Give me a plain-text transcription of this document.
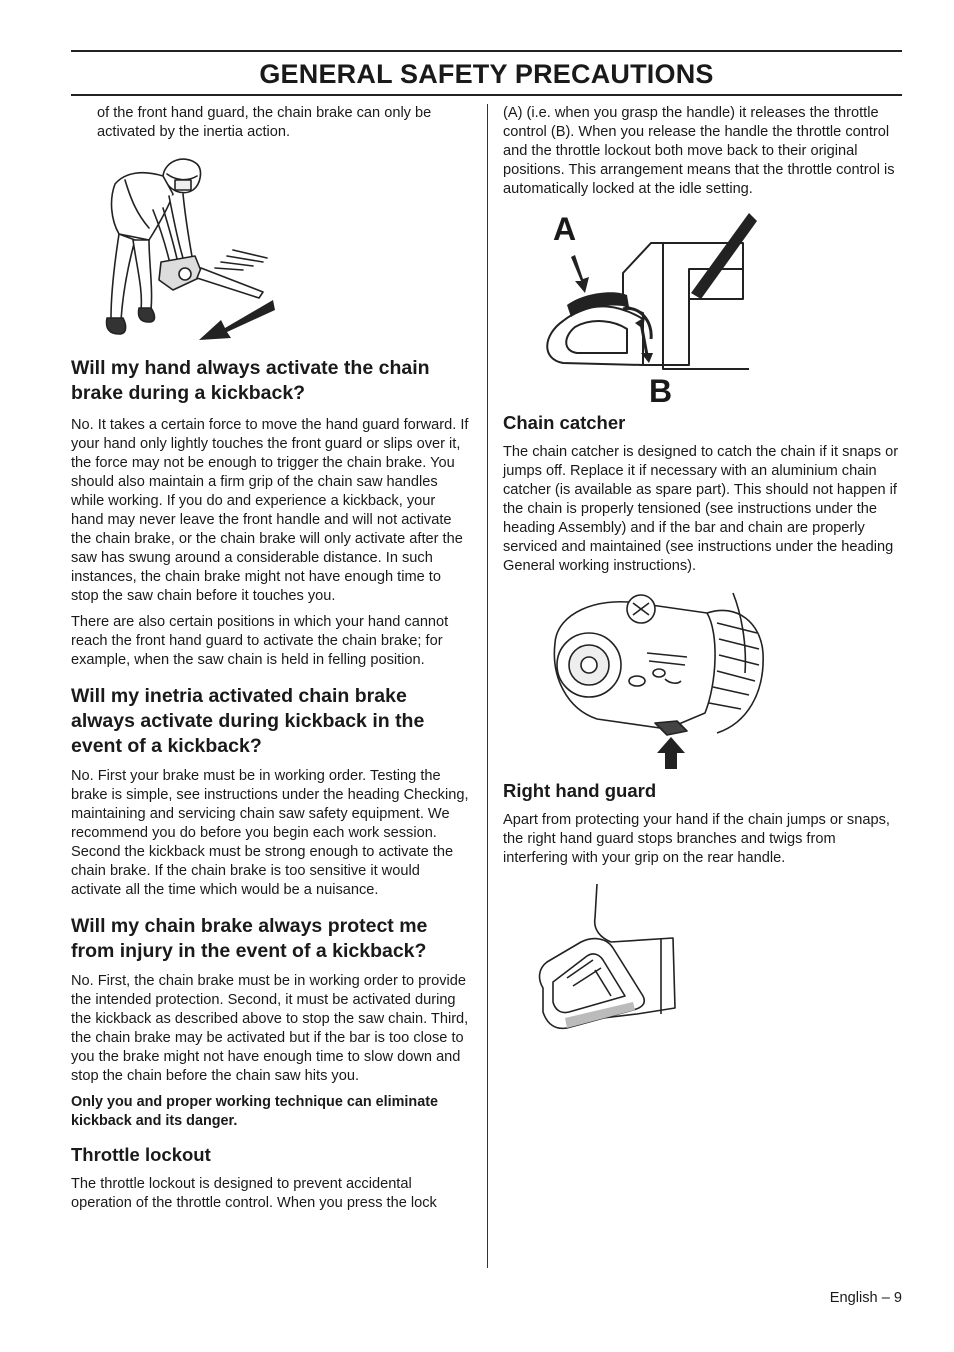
GENERAL SAFETY PRECAUTIONS

of the front hand guard, the chain brake can only be activated by the inertia action.

Will my hand always activate the chain brake during a kickback?

No. It takes a certain force to move the hand guard forward. If your hand only lightly touches the front guard or slips over it, the force may not be enough to trigger the chain brake. You should also maintain a firm grip of the chain saw handles while working. If you do and experience a kickback, your hand may never leave the front handle and will not activate the chain brake, or the chain brake will only activate after the saw has swung around a considerable distance. In such instances, the chain brake might not have enough time to stop the saw chain before it touches you.

There are also certain positions in which your hand cannot reach the front hand guard to activate the chain brake; for example, when the saw chain is held in felling position.

Will my inetria activated chain brake always activate during kickback in the event of a kickback?

No. First your brake must be in working order. Testing the brake is simple, see instructions under the heading Checking, maintaining and servicing chain saw safety equipment. We recommend you do before you begin each work session. Second the kickback must be strong enough to activate the chain brake. If the chain brake is too sensitive it would activate all the time which would be a nuisance.

Will my chain brake always protect me from injury in the event of a kickback?

No. First, the chain brake must be in working order to provide the intended protection. Second, it must be activated during the kickback as described above to stop the saw chain. Third, the chain brake may be activated but if the bar is too close to you the brake might not have enough time to slow down and stop the chain before the chain saw hits you.

Only you and proper working technique can eliminate kickback and its danger.

Throttle lockout

The throttle lockout is designed to prevent accidental operation of the throttle control. When you press the lock

(A) (i.e. when you grasp the handle) it releases the throttle control (B). When you release the handle the throttle control and the throttle lockout both move back to their original positions. This arrangement means that the throttle control is automatically locked at the idle setting.

A
B
Chain catcher

The chain catcher is designed to catch the chain if it snaps or jumps off. Replace it if necessary with an aluminium chain catcher (is available as spare part). This should not happen if the chain is properly tensioned (see instructions under the heading Assembly) and if the bar and chain are properly serviced and maintained (see instructions under the heading General working instructions).

Right hand guard

Apart from protecting your hand if the chain jumps or snaps, the right hand guard stops branches and twigs from interfering with your grip on the rear handle.

English – 9
